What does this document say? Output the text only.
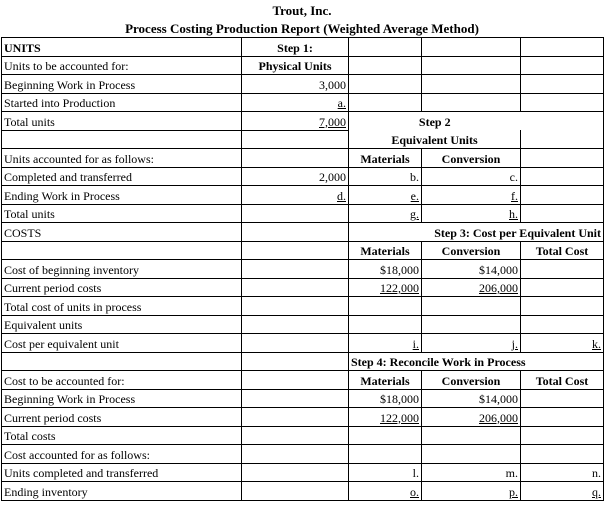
Trout, Inc.
Process Costing Production Report (Weighted Average Method)
UNITS	Step 1:			
Units to be accounted for:	Physical Units			
Beginning Work in Process	3,000			
Started into Production	a.			
Total units	7,000	Step 2		
		Equivalent Units		
Units accounted for as follows:		Materials	Conversion	
Completed and transferred	2,000	b.	c.	
Ending Work in Process	d.	e.	f.	
Total units		g.	h.	
COSTS		Step 3: Cost per Equivalent Unit		
		Materials	Conversion	Total Cost
Cost of beginning inventory		$18,000	$14,000	
Current period costs		122,000	206,000	
Total cost of units in process				
Equivalent units				
Cost per equivalent unit		i.	j.	k.
		Step 4: Reconcile Work in Process		
Cost to be accounted for:		Materials	Conversion	Total Cost
Beginning Work in Process		$18,000	$14,000	
Current period costs		122,000	206,000	
Total costs				
Cost accounted for as follows:				
Units completed and transferred		l.	m.	n.
Ending inventory		o.	p.	q.
